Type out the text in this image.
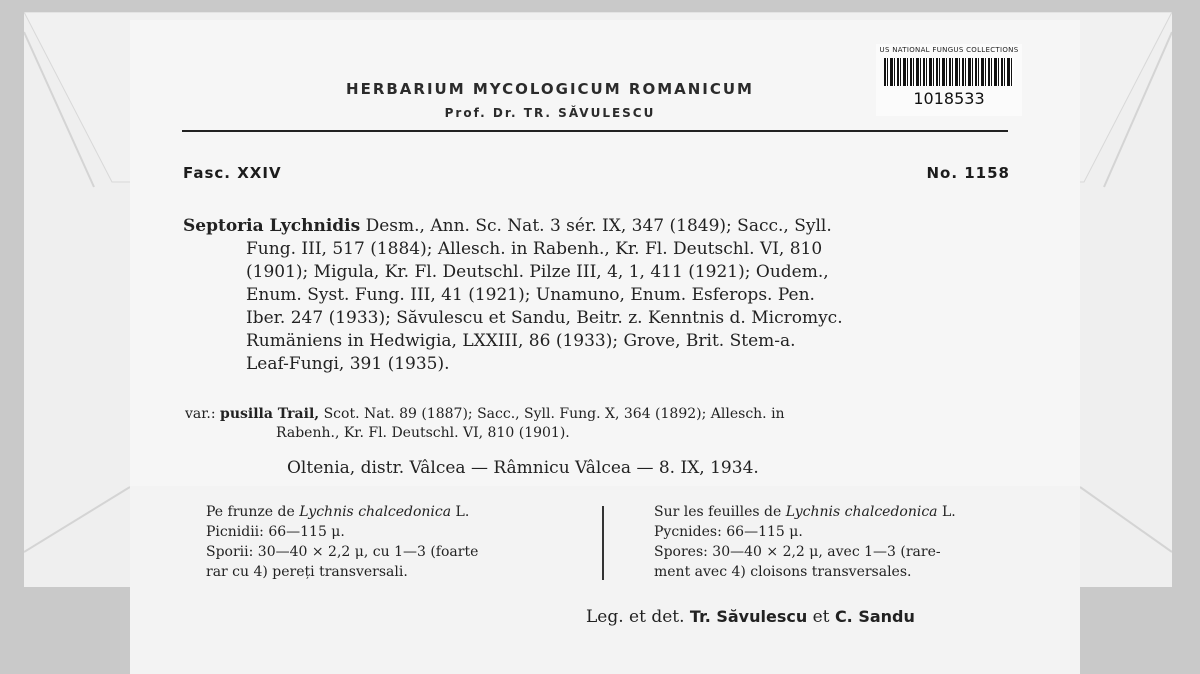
HERBARIUM MYCOLOGICUM ROMANICUM
Prof. Dr. TR. SĂVULESCU
US NATIONAL FUNGUS COLLECTIONS
1018533
Fasc. XXIV	No. 1158
Septoria Lychnidis Desm., Ann. Sc. Nat. 3 sér. IX, 347 (1849); Sacc., Syll.
Fung. III, 517 (1884); Allesch. in Rabenh., Kr. Fl. Deutschl. VI, 810
(1901); Migula, Kr. Fl. Deutschl. Pilze III, 4, 1, 411 (1921); Oudem.,
Enum. Syst. Fung. III, 41 (1921); Unamuno, Enum. Esferops. Pen.
Iber. 247 (1933); Săvulescu et Sandu, Beitr. z. Kenntnis d. Micromyc.
Rumäniens in Hedwigia, LXXIII, 86 (1933); Grove, Brit. Stem-a.
Leaf-Fungi, 391 (1935).
var.: pusilla Trail, Scot. Nat. 89 (1887); Sacc., Syll. Fung. X, 364 (1892); Allesch. in
Rabenh., Kr. Fl. Deutschl. VI, 810 (1901).
Oltenia, distr. Vâlcea — Râmnicu Vâlcea — 8. IX, 1934.
Pe frunze de Lychnis chalcedonica L.
Picnidii: 66—115 μ.
Sporii: 30—40 × 2,2 μ, cu 1—3 (foarte
rar cu 4) pereți transversali.
Sur les feuilles de Lychnis chalcedonica L.
Pycnides: 66—115 μ.
Spores: 30—40 × 2,2 μ, avec 1—3 (rare-
ment avec 4) cloisons transversales.
Leg. et det. Tr. Săvulescu et C. Sandu
